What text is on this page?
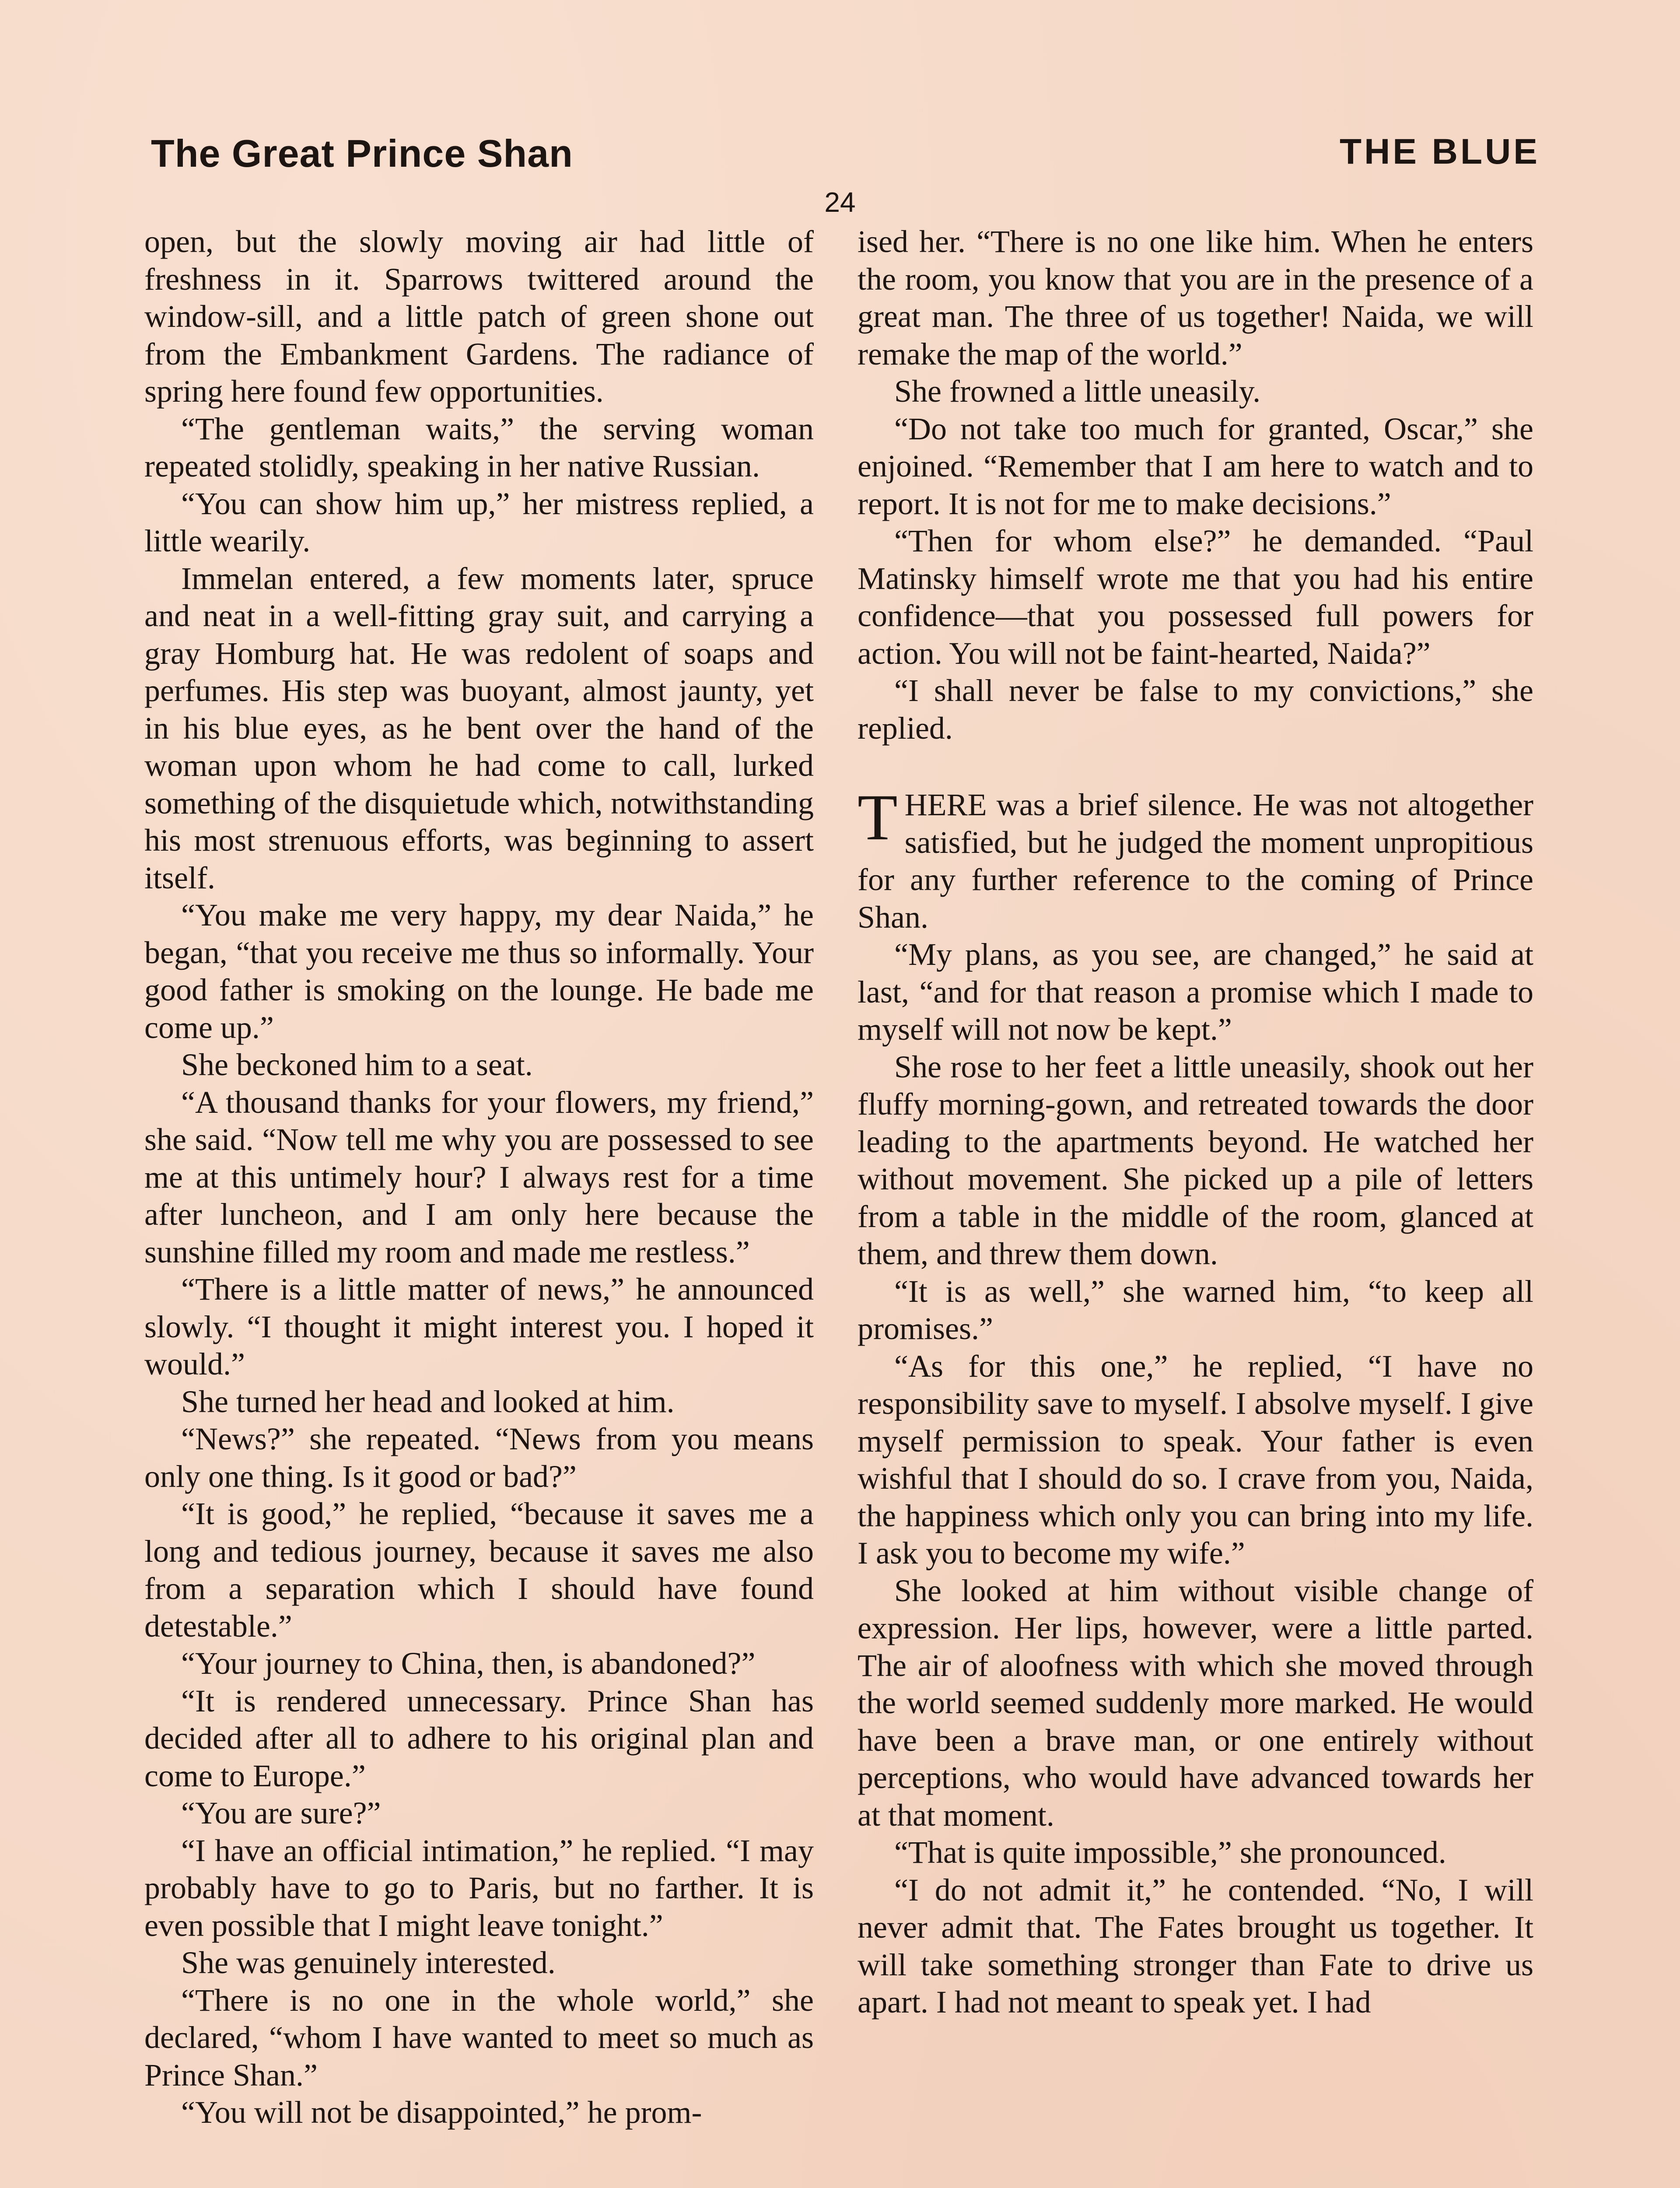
The Great Prince Shan	THE BLUE
24

open, but the slowly moving air had little of freshness in it. Sparrows twittered around the window-sill, and a little patch of green shone out from the Embankment Gardens. The radiance of spring here found few opportunities.

“The gentleman waits,” the serving woman repeated stolidly, speaking in her native Russian.

“You can show him up,” her mistress replied, a little wearily.

Immelan entered, a few moments later, spruce and neat in a well-fitting gray suit, and carrying a gray Homburg hat. He was redolent of soaps and perfumes. His step was buoyant, almost jaunty, yet in his blue eyes, as he bent over the hand of the woman upon whom he had come to call, lurked something of the disquietude which, notwithstanding his most strenuous efforts, was beginning to assert itself.

“You make me very happy, my dear Naida,” he began, “that you receive me thus so informally. Your good father is smoking on the lounge. He bade me come up.”

She beckoned him to a seat.

“A thousand thanks for your flowers, my friend,” she said. “Now tell me why you are possessed to see me at this untimely hour? I always rest for a time after luncheon, and I am only here because the sunshine filled my room and made me restless.”

“There is a little matter of news,” he announced slowly. “I thought it might interest you. I hoped it would.”

She turned her head and looked at him.

“News?” she repeated. “News from you means only one thing. Is it good or bad?”

“It is good,” he replied, “because it saves me a long and tedious journey, because it saves me also from a separation which I should have found detestable.”

“Your journey to China, then, is abandoned?”

“It is rendered unnecessary. Prince Shan has decided after all to adhere to his original plan and come to Europe.”

“You are sure?”

“I have an official intimation,” he replied. “I may probably have to go to Paris, but no farther. It is even possible that I might leave tonight.”

She was genuinely interested.

“There is no one in the whole world,” she declared, “whom I have wanted to meet so much as Prince Shan.”

“You will not be disappointed,” he prom-

ised her. “There is no one like him. When he enters the room, you know that you are in the presence of a great man. The three of us together! Naida, we will remake the map of the world.”

She frowned a little uneasily.

“Do not take too much for granted, Oscar,” she enjoined. “Remember that I am here to watch and to report. It is not for me to make decisions.”

“Then for whom else?” he demanded. “Paul Matinsky himself wrote me that you had his entire confidence—that you possessed full powers for action. You will not be faint-hearted, Naida?”

“I shall never be false to my convictions,” she replied.

THERE was a brief silence. He was not altogether satisfied, but he judged the moment unpropitious for any further reference to the coming of Prince Shan.

“My plans, as you see, are changed,” he said at last, “and for that reason a promise which I made to myself will not now be kept.”

She rose to her feet a little uneasily, shook out her fluffy morning-gown, and retreated towards the door leading to the apartments beyond. He watched her without movement. She picked up a pile of letters from a table in the middle of the room, glanced at them, and threw them down.

“It is as well,” she warned him, “to keep all promises.”

“As for this one,” he replied, “I have no responsibility save to myself. I absolve myself. I give myself permission to speak. Your father is even wishful that I should do so. I crave from you, Naida, the happiness which only you can bring into my life. I ask you to become my wife.”

She looked at him without visible change of expression. Her lips, however, were a little parted. The air of aloofness with which she moved through the world seemed suddenly more marked. He would have been a brave man, or one entirely without perceptions, who would have advanced towards her at that moment.

“That is quite impossible,” she pronounced.

“I do not admit it,” he contended. “No, I will never admit that. The Fates brought us together. It will take something stronger than Fate to drive us apart. I had not meant to speak yet. I had
